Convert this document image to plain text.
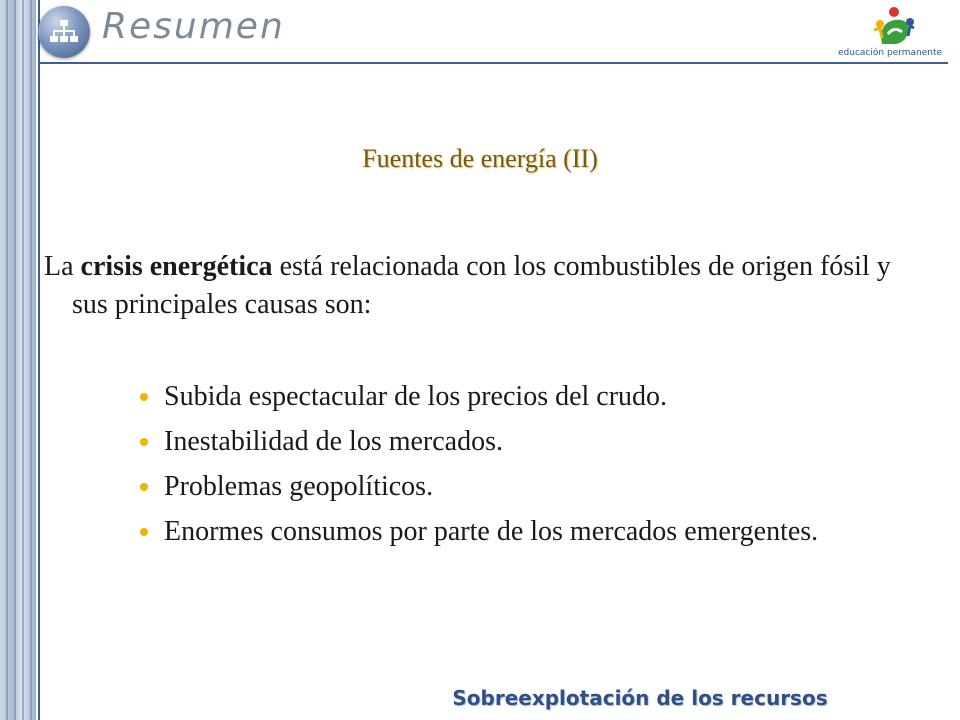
Resumen
educación permanente
Fuentes de energía (II)
La crisis energética está relacionada con los combustibles de origen fósil y sus principales causas son:
Subida espectacular de los precios del crudo.
Inestabilidad de los mercados.
Problemas geopolíticos.
Enormes consumos por parte de los mercados emergentes.
Sobreexplotación de los recursos
